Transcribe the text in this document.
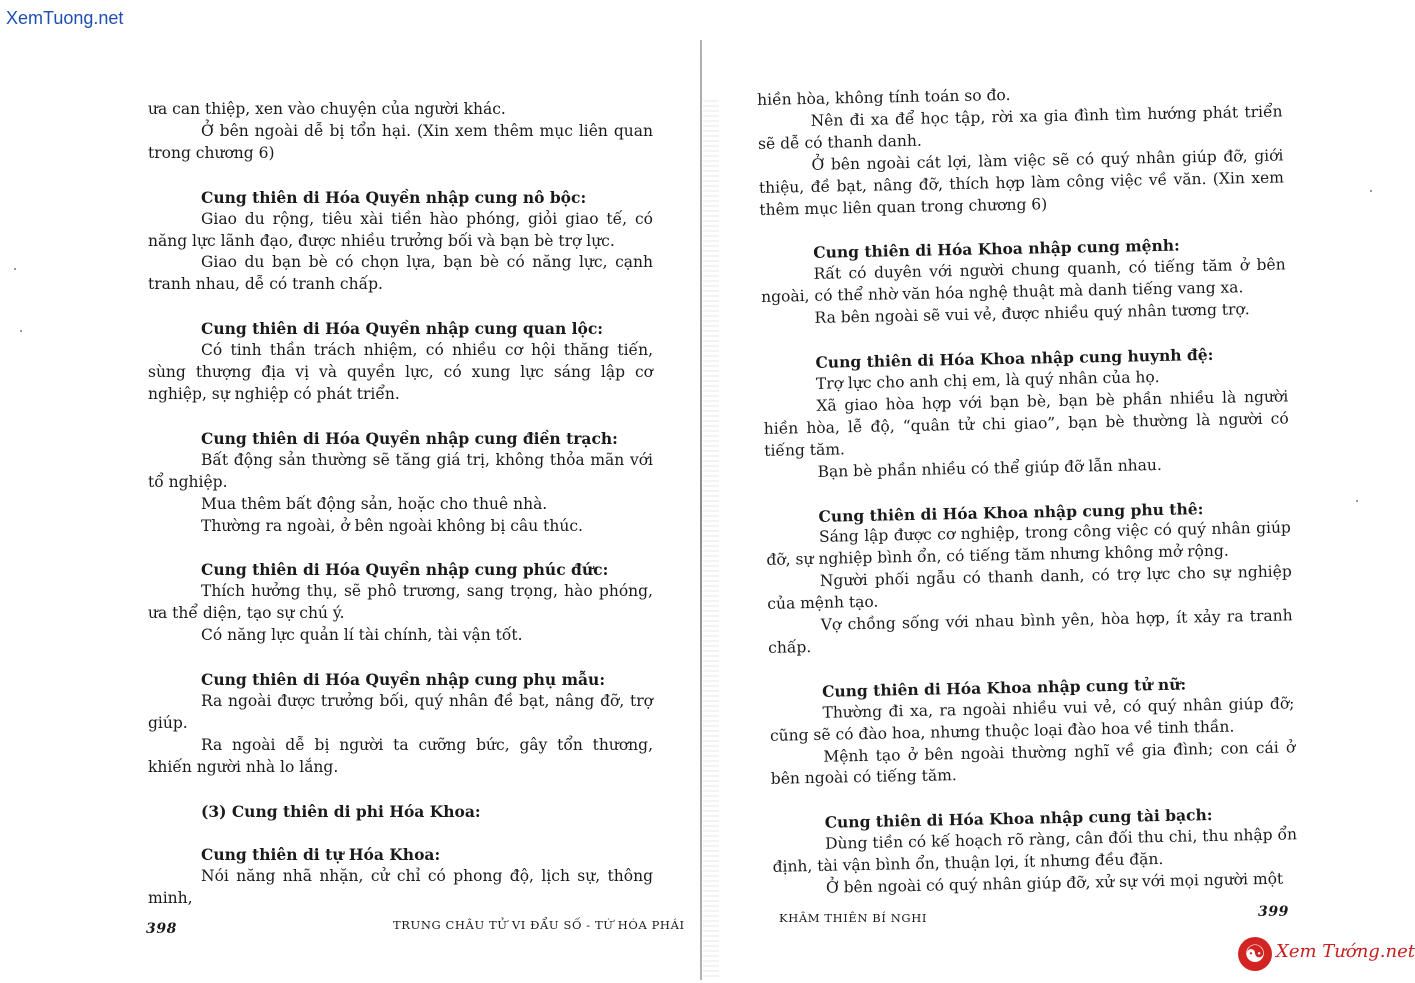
XemTuong.net

ưa can thiệp, xen vào chuyện của người khác.

Ở bên ngoài dễ bị tổn hại. (Xin xem thêm mục liên quan trong chương 6)

Cung thiên di Hóa Quyền nhập cung nô bộc:

Giao du rộng, tiêu xài tiền hào phóng, giỏi giao tế, có năng lực lãnh đạo, được nhiều trưởng bối và bạn bè trợ lực.

Giao du bạn bè có chọn lựa, bạn bè có năng lực, cạnh tranh nhau, dễ có tranh chấp.

Cung thiên di Hóa Quyền nhập cung quan lộc:

Có tinh thần trách nhiệm, có nhiều cơ hội thăng tiến, sùng thượng địa vị và quyền lực, có xung lực sáng lập cơ nghiệp, sự nghiệp có phát triển.

Cung thiên di Hóa Quyền nhập cung điền trạch:

Bất động sản thường sẽ tăng giá trị, không thỏa mãn với tổ nghiệp.

Mua thêm bất động sản, hoặc cho thuê nhà.

Thường ra ngoài, ở bên ngoài không bị câu thúc.

Cung thiên di Hóa Quyền nhập cung phúc đức:

Thích hưởng thụ, sẽ phô trương, sang trọng, hào phóng, ưa thể diện, tạo sự chú ý.

Có năng lực quản lí tài chính, tài vận tốt.

Cung thiên di Hóa Quyền nhập cung phụ mẫu:

Ra ngoài được trưởng bối, quý nhân đề bạt, nâng đỡ, trợ giúp.

Ra ngoài dễ bị người ta cưỡng bức, gây tổn thương, khiến người nhà lo lắng.

(3) Cung thiên di phi Hóa Khoa:

Cung thiên di tự Hóa Khoa:

Nói năng nhã nhặn, cử chỉ có phong độ, lịch sự, thông minh,

hiền hòa, không tính toán so đo.

Nên đi xa để học tập, rời xa gia đình tìm hướng phát triển sẽ dễ có thanh danh.

Ở bên ngoài cát lợi, làm việc sẽ có quý nhân giúp đỡ, giới thiệu, đề bạt, nâng đỡ, thích hợp làm công việc về văn. (Xin xem thêm mục liên quan trong chương 6)

Cung thiên di Hóa Khoa nhập cung mệnh:

Rất có duyên với người chung quanh, có tiếng tăm ở bên ngoài, có thể nhờ văn hóa nghệ thuật mà danh tiếng vang xa.

Ra bên ngoài sẽ vui vẻ, được nhiều quý nhân tương trợ.

Cung thiên di Hóa Khoa nhập cung huynh đệ:

Trợ lực cho anh chị em, là quý nhân của họ.

Xã giao hòa hợp với bạn bè, bạn bè phần nhiều là người hiền hòa, lễ độ, “quân tử chi giao”, bạn bè thường là người có tiếng tăm.

Bạn bè phần nhiều có thể giúp đỡ lẫn nhau.

Cung thiên di Hóa Khoa nhập cung phu thê:

Sáng lập được cơ nghiệp, trong công việc có quý nhân giúp đỡ, sự nghiệp bình ổn, có tiếng tăm nhưng không mở rộng.

Người phối ngẫu có thanh danh, có trợ lực cho sự nghiệp của mệnh tạo.

Vợ chồng sống với nhau bình yên, hòa hợp, ít xảy ra tranh chấp.

Cung thiên di Hóa Khoa nhập cung tử nữ:

Thường đi xa, ra ngoài nhiều vui vẻ, có quý nhân giúp đỡ; cũng sẽ có đào hoa, nhưng thuộc loại đào hoa về tinh thần.

Mệnh tạo ở bên ngoài thường nghĩ về gia đình; con cái ở bên ngoài có tiếng tăm.

Cung thiên di Hóa Khoa nhập cung tài bạch:

Dùng tiền có kế hoạch rõ ràng, cân đối thu chi, thu nhập ổn định, tài vận bình ổn, thuận lợi, ít nhưng đều đặn.

Ở bên ngoài có quý nhân giúp đỡ, xử sự với mọi người một

398	TRUNG CHÂU TỬ VI ĐẨU SỐ - TỨ HÓA PHÁI	KHÂM THIÊN BÍ NGHI	399
☯ Xem Tướng.net
